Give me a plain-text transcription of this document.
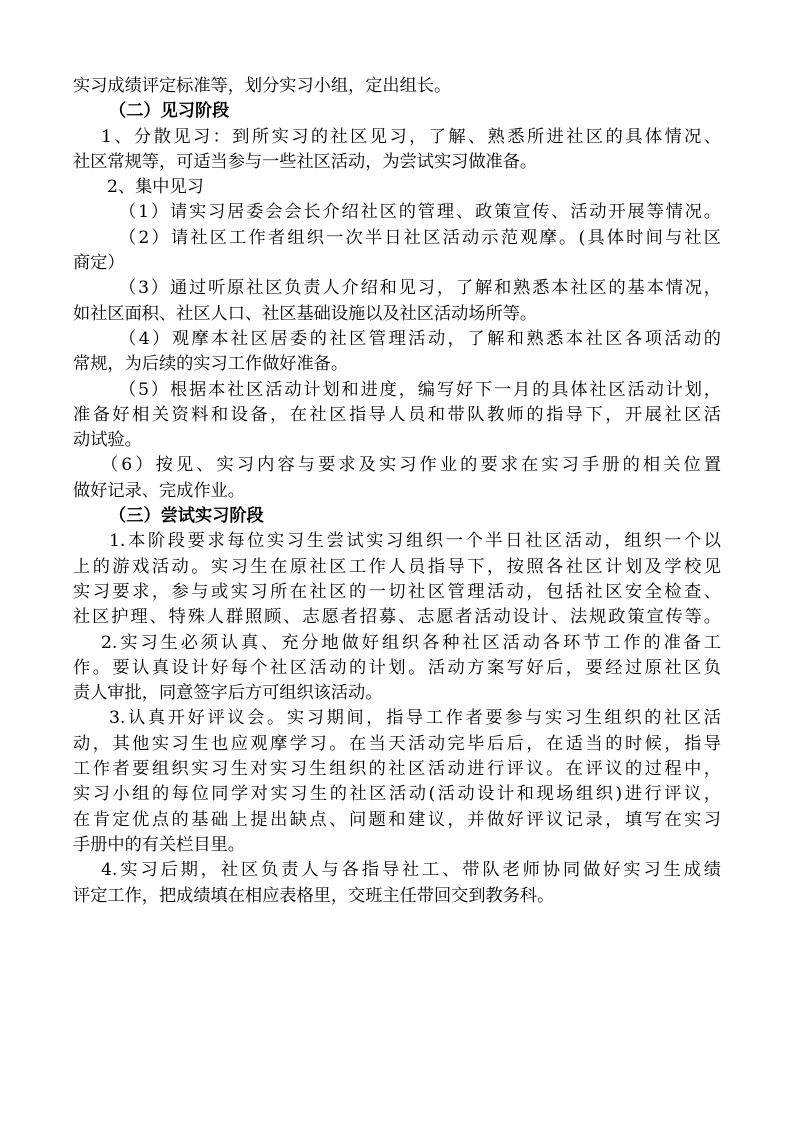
实习成绩评定标准等，划分实习小组，定出组长。
（二）见习阶段
1、分散见习：到所实习的社区见习，了解、熟悉所进社区的具体情况、
社区常规等，可适当参与一些社区活动，为尝试实习做准备。
2、集中见习
（1）请实习居委会会长介绍社区的管理、政策宣传、活动开展等情况。
（2）请社区工作者组织一次半日社区活动示范观摩。(具体时间与社区
商定）
（3）通过听原社区负责人介绍和见习，了解和熟悉本社区的基本情况，
如社区面积、社区人口、社区基础设施以及社区活动场所等。
（4）观摩本社区居委的社区管理活动，了解和熟悉本社区各项活动的
常规，为后续的实习工作做好准备。
（5）根据本社区活动计划和进度，编写好下一月的具体社区活动计划，
准备好相关资料和设备，在社区指导人员和带队教师的指导下，开展社区活
动试验。
（6）按见、实习内容与要求及实习作业的要求在实习手册的相关位置
做好记录、完成作业。
（三）尝试实习阶段
1.本阶段要求每位实习生尝试实习组织一个半日社区活动，组织一个以
上的游戏活动。实习生在原社区工作人员指导下，按照各社区计划及学校见
实习要求，参与或实习所在社区的一切社区管理活动，包括社区安全检查、
社区护理、特殊人群照顾、志愿者招募、志愿者活动设计、法规政策宣传等。
2.实习生必须认真、充分地做好组织各种社区活动各环节工作的准备工
作。要认真设计好每个社区活动的计划。活动方案写好后，要经过原社区负
责人审批，同意签字后方可组织该活动。
3.认真开好评议会。实习期间，指导工作者要参与实习生组织的社区活
动，其他实习生也应观摩学习。在当天活动完毕后后，在适当的时候，指导
工作者要组织实习生对实习生组织的社区活动进行评议。在评议的过程中，
实习小组的每位同学对实习生的社区活动(活动设计和现场组织)进行评议，
在肯定优点的基础上提出缺点、问题和建议，并做好评议记录，填写在实习
手册中的有关栏目里。
4.实习后期，社区负责人与各指导社工、带队老师协同做好实习生成绩
评定工作，把成绩填在相应表格里，交班主任带回交到教务科。
